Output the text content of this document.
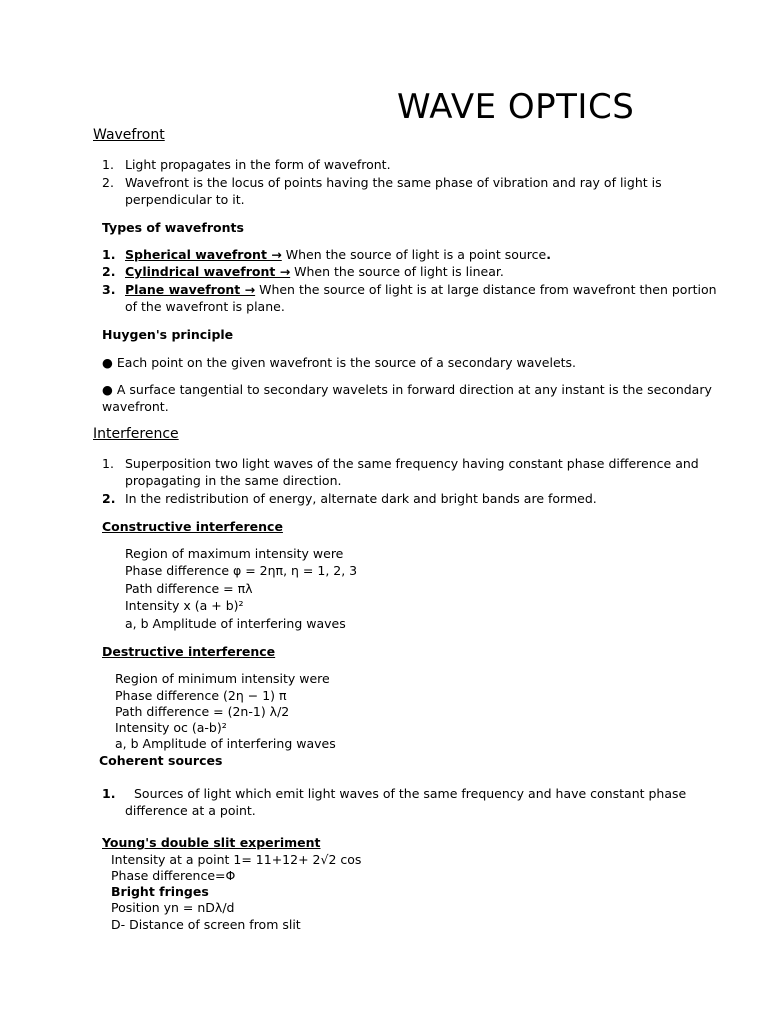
WAVE OPTICS
Wavefront
1. Light propagates in the form of wavefront.
2. Wavefront is the locus of points having the same phase of vibration and ray of light is
perpendicular to it.
Types of wavefronts
1. Spherical wavefront → When the source of light is a point source.
2. Cylindrical wavefront → When the source of light is linear.
3. Plane wavefront → When the source of light is at large distance from wavefront then portion
of the wavefront is plane.
Huygen's principle
● Each point on the given wavefront is the source of a secondary wavelets.
● A surface tangential to secondary wavelets in forward direction at any instant is the secondary
wavefront.
Interference
1. Superposition two light waves of the same frequency having constant phase difference and
propagating in the same direction.
2. In the redistribution of energy, alternate dark and bright bands are formed.
Constructive interference
Region of maximum intensity were
Phase difference φ = 2ηπ, η = 1, 2, 3
Path difference = πλ
Intensity x (a + b)²
a, b Amplitude of interfering waves
Destructive interference
Region of minimum intensity were
Phase difference (2η − 1) π
Path difference = (2n-1) λ/2
Intensity oc (a-b)²
a, b Amplitude of interfering waves
Coherent sources
1. Sources of light which emit light waves of the same frequency and have constant phase
difference at a point.
Young's double slit experiment
Intensity at a point 1= 11+12+ 2√2 cos
Phase difference=Φ
Bright fringes
Position yn = nDλ/d
D- Distance of screen from slit
